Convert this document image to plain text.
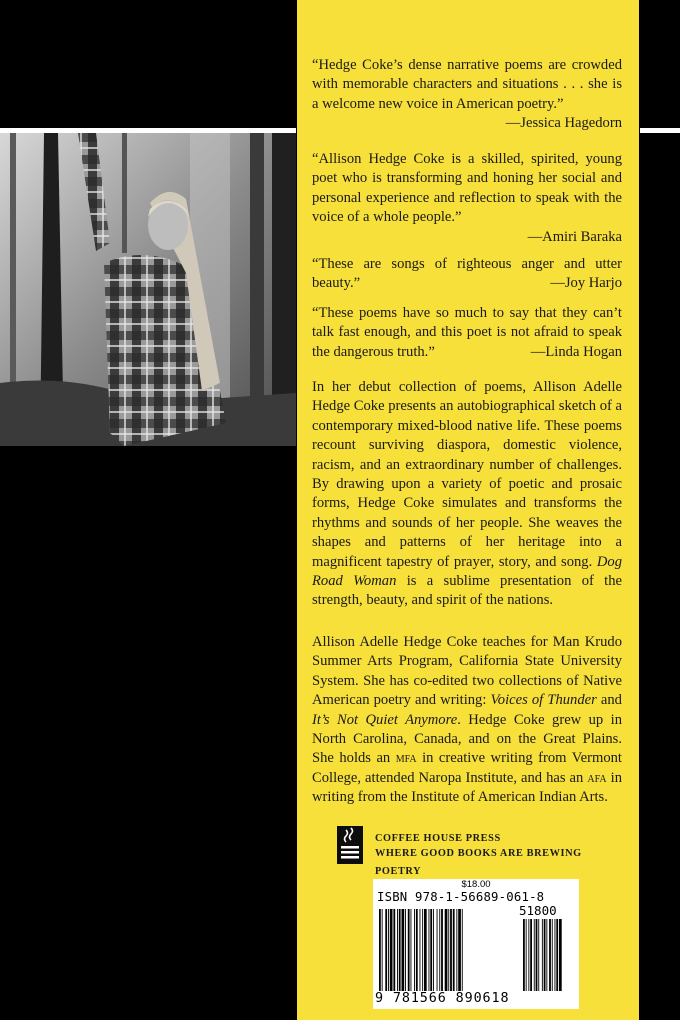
“Hedge Coke’s dense narrative poems are crowded with memorable characters and situations . . . she is a welcome new voice in American poetry.”

—Jessica Hagedorn

“Allison Hedge Coke is a skilled, spirited, young poet who is transforming and honing her social and personal experience and reflection to speak with the voice of a whole people.”

—Amiri Baraka

“These are songs of righteous anger and utter beauty.”	—Joy Harjo

“These poems have so much to say that they can’t talk fast enough, and this poet is not afraid to speak the dangerous truth.”	—Linda Hogan

In her debut collection of poems, Allison Adelle Hedge Coke presents an autobiographical sketch of a contemporary mixed-blood native life. These poems recount surviving diaspora, domestic violence, racism, and an extraordinary number of challenges. By drawing upon a variety of poetic and prosaic forms, Hedge Coke simulates and transforms the rhythms and sounds of her people. She weaves the shapes and patterns of her heritage into a magnificent tapestry of prayer, story, and song. Dog Road Woman is a sublime presentation of the strength, beauty, and spirit of the nations.

Allison Adelle Hedge Coke teaches for Man Krudo Summer Arts Program, California State University System. She has co-edited two collections of Native American poetry and writing: Voices of Thunder and It’s Not Quiet Anymore. Hedge Coke grew up in North Carolina, Canada, and on the Great Plains. She holds an mfa in creative writing from Vermont College, attended Naropa Institute, and has an afa in writing from the Institute of American Indian Arts.

COFFEE HOUSE PRESS
WHERE GOOD BOOKS ARE BREWING
POETRY
$18.00
ISBN 978-1-56689-061-8
51800
9 781566 890618
